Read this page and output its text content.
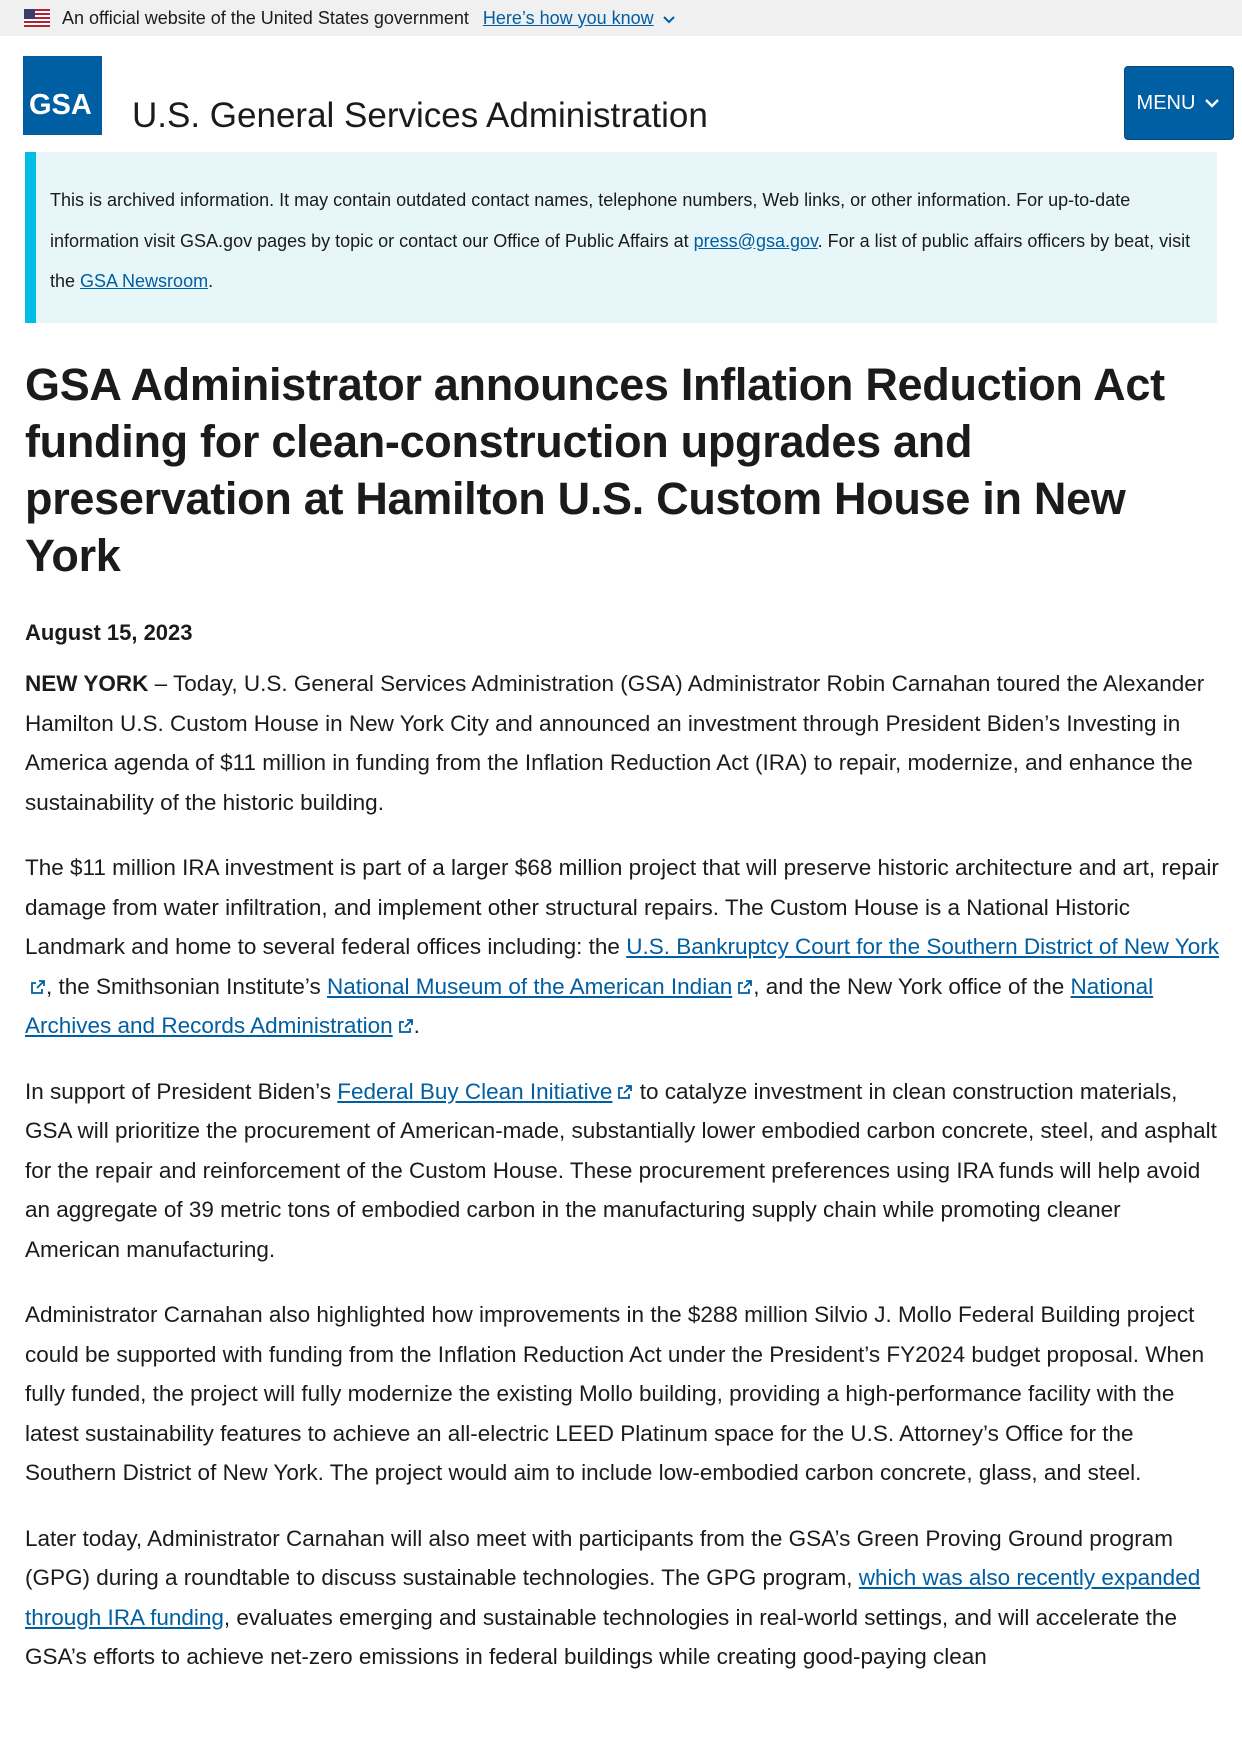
An official website of the United States government Here’s how you know
GSA U.S. General Services Administration	MENU
This is archived information. It may contain outdated contact names, telephone numbers, Web links, or other information. For up-to-date information visit GSA.gov pages by topic or contact our Office of Public Affairs at press@gsa.gov. For a list of public affairs officers by beat, visit the GSA Newsroom.
GSA Administrator announces Inflation Reduction Act funding for clean-construction upgrades and preservation at Hamilton U.S. Custom House in New York
August 15, 2023

NEW YORK – Today, U.S. General Services Administration (GSA) Administrator Robin Carnahan toured the Alexander Hamilton U.S. Custom House in New York City and announced an investment through President Biden’s Investing in America agenda of $11 million in funding from the Inflation Reduction Act (IRA) to repair, modernize, and enhance the sustainability of the historic building.

The $11 million IRA investment is part of a larger $68 million project that will preserve historic architecture and art, repair damage from water infiltration, and implement other structural repairs. The Custom House is a National Historic Landmark and home to several federal offices including: the U.S. Bankruptcy Court for the Southern District of New York, the Smithsonian Institute’s National Museum of the American Indian , and the New York office of the National Archives and Records Administration .

In support of President Biden’s Federal Buy Clean Initiative to catalyze investment in clean construction materials, GSA will prioritize the procurement of American-made, substantially lower embodied carbon concrete, steel, and asphalt for the repair and reinforcement of the Custom House. These procurement preferences using IRA funds will help avoid an aggregate of 39 metric tons of embodied carbon in the manufacturing supply chain while promoting cleaner American manufacturing.

Administrator Carnahan also highlighted how improvements in the $288 million Silvio J. Mollo Federal Building project could be supported with funding from the Inflation Reduction Act under the President’s FY2024 budget proposal. When fully funded, the project will fully modernize the existing Mollo building, providing a high-performance facility with the latest sustainability features to achieve an all-electric LEED Platinum space for the U.S. Attorney’s Office for the Southern District of New York. The project would aim to include low-embodied carbon concrete, glass, and steel.

Later today, Administrator Carnahan will also meet with participants from the GSA’s Green Proving Ground program (GPG) during a roundtable to discuss sustainable technologies. The GPG program, which was also recently expanded through IRA funding, evaluates emerging and sustainable technologies in real-world settings, and will accelerate the GSA’s efforts to achieve net-zero emissions in federal buildings while creating good-paying clean
